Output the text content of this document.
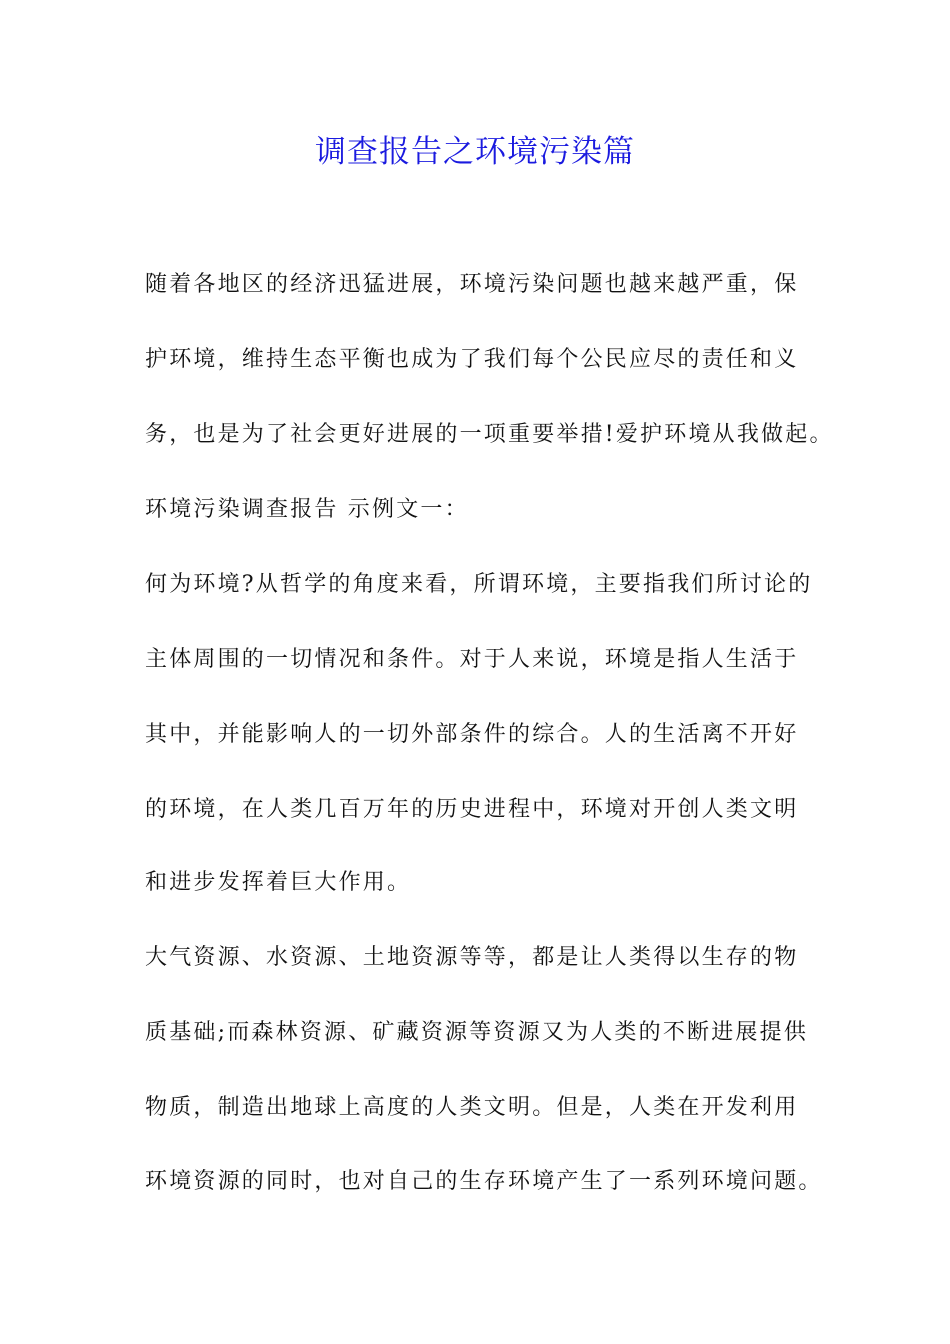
调查报告之环境污染篇
随着各地区的经济迅猛进展，环境污染问题也越来越严重，保
护环境，维持生态平衡也成为了我们每个公民应尽的责任和义
务，也是为了社会更好进展的一项重要举措!爱护环境从我做起。
环境污染调查报告 示例文一：
何为环境?从哲学的角度来看，所谓环境，主要指我们所讨论的
主体周围的一切情况和条件。对于人来说，环境是指人生活于
其中，并能影响人的一切外部条件的综合。人的生活离不开好
的环境，在人类几百万年的历史进程中，环境对开创人类文明
和进步发挥着巨大作用。
大气资源、水资源、土地资源等等，都是让人类得以生存的物
质基础;而森林资源、矿藏资源等资源又为人类的不断进展提供
物质，制造出地球上高度的人类文明。但是，人类在开发利用
环境资源的同时，也对自己的生存环境产生了一系列环境问题。
